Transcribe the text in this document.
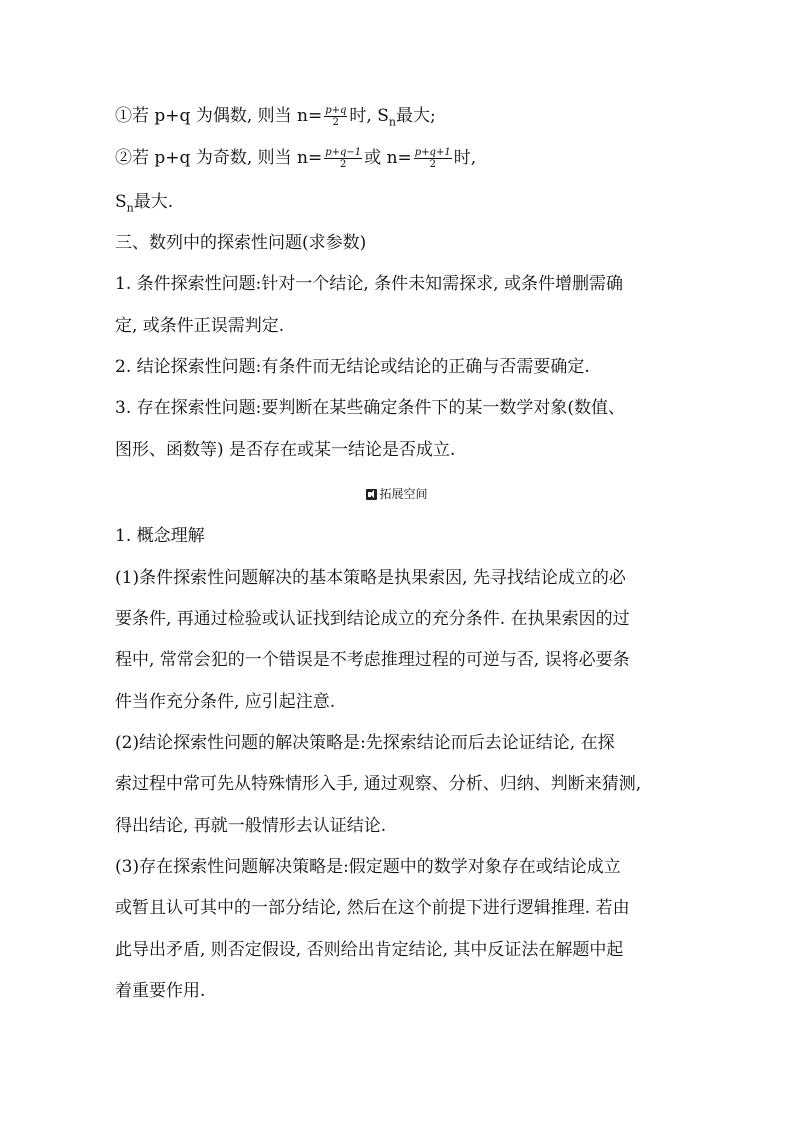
①若 p+q 为偶数, 则当 $n= \frac{p+q}{2}$ 时, $S_n$最大;
②若 p+q 为奇数, 则当 $n= \frac{p+q-1}{2}$ 或 $n= \frac{p+q+1}{2}$ 时,
$S_n$最大.
三、数列中的探索性问题(求参数)
1. 条件探索性问题:针对一个结论, 条件未知需探求, 或条件增删需确
定, 或条件正误需判定.
2. 结论探索性问题:有条件而无结论或结论的正确与否需要确定.
3. 存在探索性问题:要判断在某些确定条件下的某一数学对象(数值、
图形、函数等) 是否存在或某一结论是否成立.
拓展空间
1. 概念理解
(1)条件探索性问题解决的基本策略是执果索因, 先寻找结论成立的必
要条件, 再通过检验或认证找到结论成立的充分条件. 在执果索因的过
程中, 常常会犯的一个错误是不考虑推理过程的可逆与否, 误将必要条
件当作充分条件, 应引起注意.
(2)结论探索性问题的解决策略是:先探索结论而后去论证结论, 在探
索过程中常可先从特殊情形入手, 通过观察、分析、归纳、判断来猜测,
得出结论, 再就一般情形去认证结论.
(3)存在探索性问题解决策略是:假定题中的数学对象存在或结论成立
或暂且认可其中的一部分结论, 然后在这个前提下进行逻辑推理. 若由
此导出矛盾, 则否定假设, 否则给出肯定结论, 其中反证法在解题中起
着重要作用.
